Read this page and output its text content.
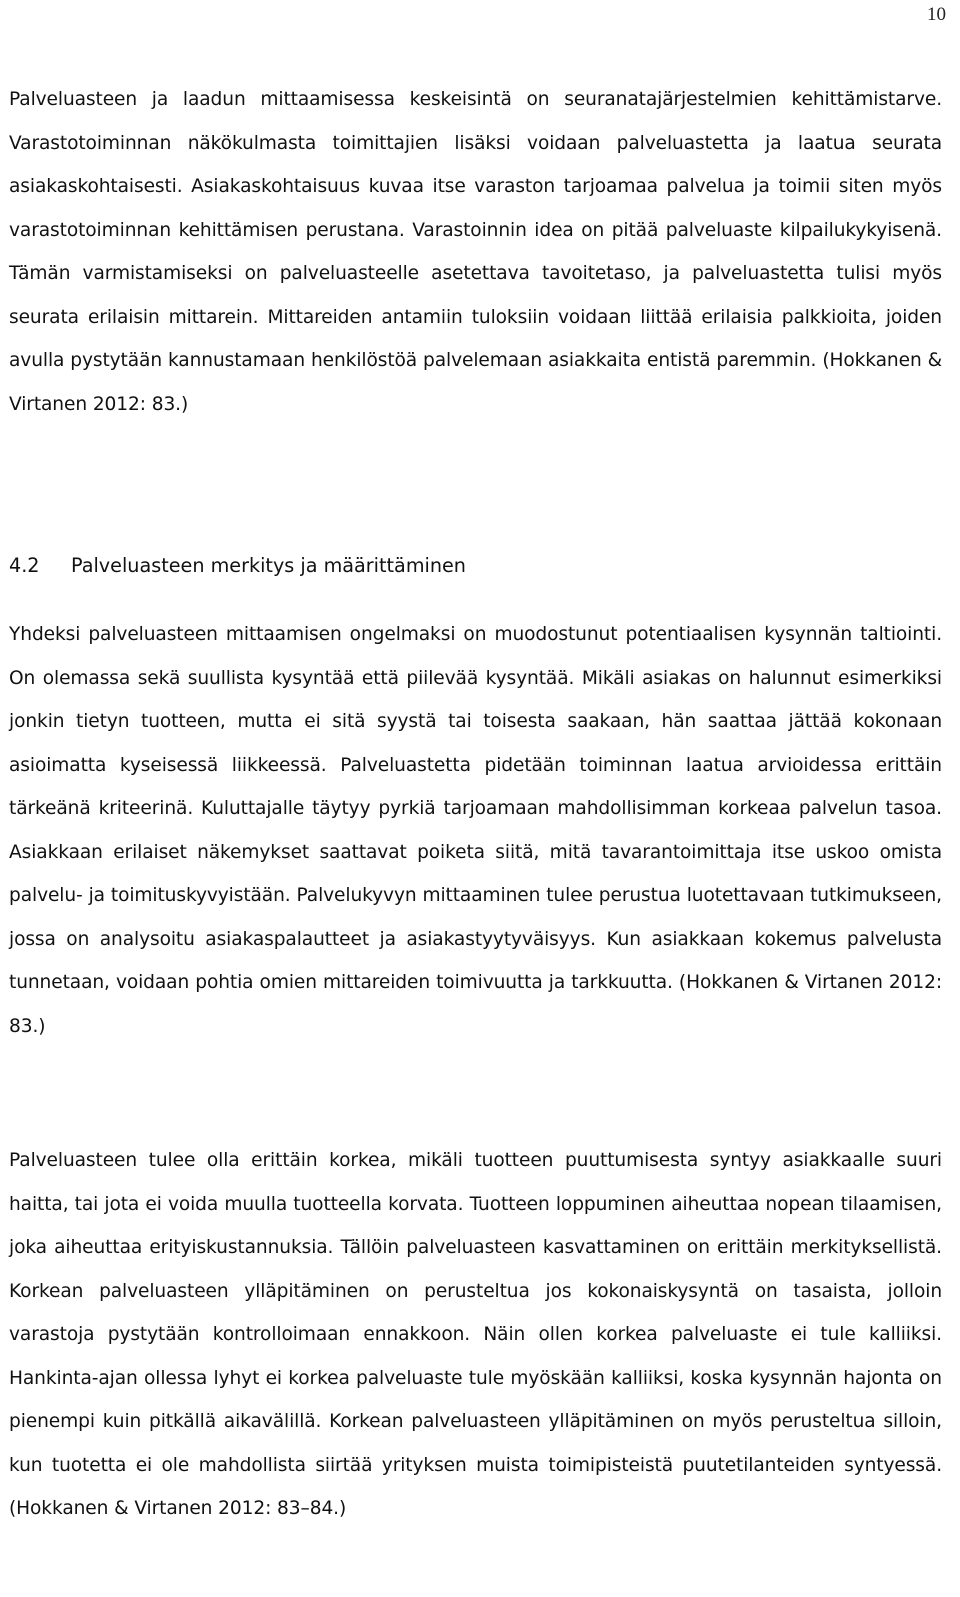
10

Palveluasteen ja laadun mittaamisessa keskeisintä on seuranatajärjestelmien kehittämistarve. Varastotoiminnan näkökulmasta toimittajien lisäksi voidaan palveluastetta ja laatua seurata asiakaskohtaisesti. Asiakaskohtaisuus kuvaa itse varaston tarjoamaa palvelua ja toimii siten myös varastotoiminnan kehittämisen perustana. Varastoinnin idea on pitää palveluaste kilpailukykyisenä. Tämän varmistamiseksi on palveluasteelle asetettava tavoitetaso, ja palveluastetta tulisi myös seurata erilaisin mittarein. Mittareiden antamiin tuloksiin voidaan liittää erilaisia palkkioita, joiden avulla pystytään kannustamaan henkilöstöä palvelemaan asiakkaita entistä paremmin. (Hokkanen & Virtanen 2012: 83.)

4.2 Palveluasteen merkitys ja määrittäminen

Yhdeksi palveluasteen mittaamisen ongelmaksi on muodostunut potentiaalisen kysynnän taltiointi. On olemassa sekä suullista kysyntää että piilevää kysyntää. Mikäli asiakas on halunnut esimerkiksi jonkin tietyn tuotteen, mutta ei sitä syystä tai toisesta saakaan, hän saattaa jättää kokonaan asioimatta kyseisessä liikkeessä. Palveluastetta pidetään toiminnan laatua arvioidessa erittäin tärkeänä kriteerinä. Kuluttajalle täytyy pyrkiä tarjoamaan mahdollisimman korkeaa palvelun tasoa. Asiakkaan erilaiset näkemykset saattavat poiketa siitä, mitä tavarantoimittaja itse uskoo omista palvelu- ja toimituskyvyistään. Palvelukyvyn mittaaminen tulee perustua luotettavaan tutkimukseen, jossa on analysoitu asiakaspalautteet ja asiakastyytyväisyys. Kun asiakkaan kokemus palvelusta tunnetaan, voidaan pohtia omien mittareiden toimivuutta ja tarkkuutta. (Hokkanen & Virtanen 2012: 83.)

Palveluasteen tulee olla erittäin korkea, mikäli tuotteen puuttumisesta syntyy asiakkaalle suuri haitta, tai jota ei voida muulla tuotteella korvata. Tuotteen loppuminen aiheuttaa nopean tilaamisen, joka aiheuttaa erityiskustannuksia. Tällöin palveluasteen kasvattaminen on erittäin merkityksellistä. Korkean palveluasteen ylläpitäminen on perusteltua jos kokonaiskysyntä on tasaista, jolloin varastoja pystytään kontrolloimaan ennakkoon. Näin ollen korkea palveluaste ei tule kalliiksi. Hankinta-ajan ollessa lyhyt ei korkea palveluaste tule myöskään kalliiksi, koska kysynnän hajonta on pienempi kuin pitkällä aikavälillä. Korkean palveluasteen ylläpitäminen on myös perusteltua silloin, kun tuotetta ei ole mahdollista siirtää yrityksen muista toimipisteistä puutetilanteiden syntyessä. (Hokkanen & Virtanen 2012: 83–84.)
